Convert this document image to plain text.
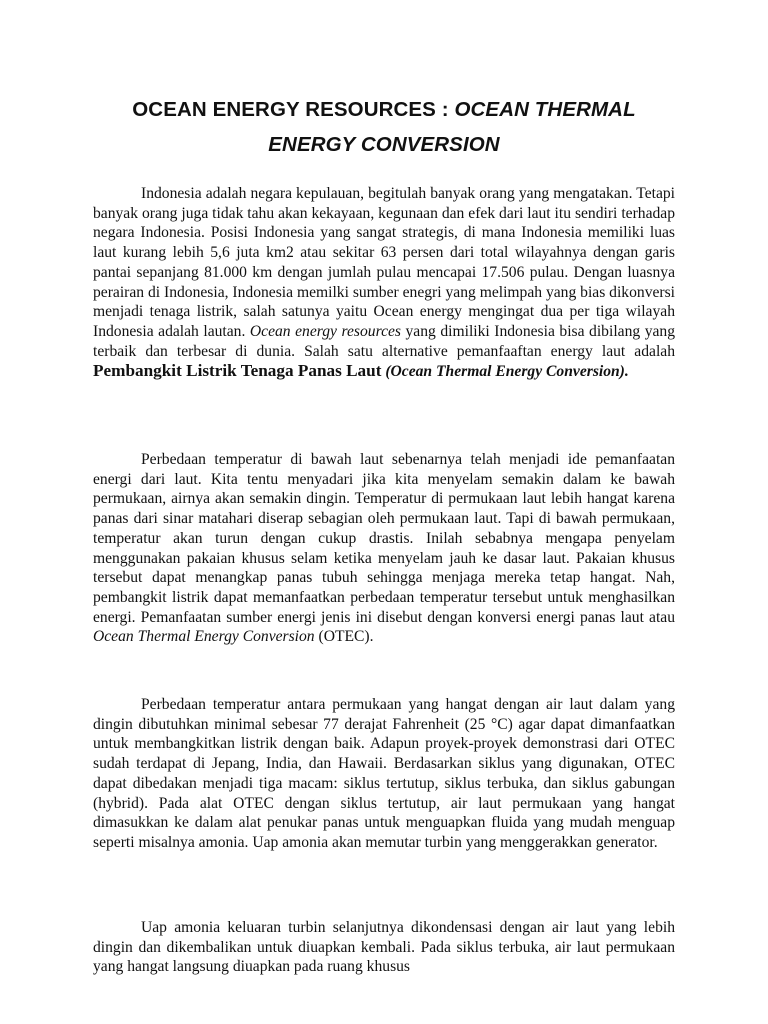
OCEAN ENERGY RESOURCES : OCEAN THERMAL ENERGY CONVERSION

Indonesia adalah negara kepulauan, begitulah banyak orang yang mengatakan. Tetapi banyak orang juga tidak tahu akan kekayaan, kegunaan dan efek dari laut itu sendiri terhadap negara Indonesia. Posisi Indonesia yang sangat strategis, di mana Indonesia memiliki luas laut kurang lebih 5,6 juta km2 atau sekitar 63 persen dari total wilayahnya dengan garis pantai sepanjang 81.000 km dengan jumlah pulau mencapai 17.506 pulau. Dengan luasnya perairan di Indonesia, Indonesia memilki sumber enegri yang melimpah yang bias dikonversi menjadi tenaga listrik, salah satunya yaitu Ocean energy mengingat dua per tiga wilayah Indonesia adalah lautan. Ocean energy resources yang dimiliki Indonesia bisa dibilang yang terbaik dan terbesar di dunia. Salah satu alternative pemanfaaftan energy laut adalah Pembangkit Listrik Tenaga Panas Laut (Ocean Thermal Energy Conversion).

Perbedaan temperatur di bawah laut sebenarnya telah menjadi ide pemanfaatan energi dari laut. Kita tentu menyadari jika kita menyelam semakin dalam ke bawah permukaan, airnya akan semakin dingin. Temperatur di permukaan laut lebih hangat karena panas dari sinar matahari diserap sebagian oleh permukaan laut. Tapi di bawah permukaan, temperatur akan turun dengan cukup drastis. Inilah sebabnya mengapa penyelam menggunakan pakaian khusus selam ketika menyelam jauh ke dasar laut. Pakaian khusus tersebut dapat menangkap panas tubuh sehingga menjaga mereka tetap hangat. Nah, pembangkit listrik dapat memanfaatkan perbedaan temperatur tersebut untuk menghasilkan energi. Pemanfaatan sumber energi jenis ini disebut dengan konversi energi panas laut atau Ocean Thermal Energy Conversion (OTEC).

Perbedaan temperatur antara permukaan yang hangat dengan air laut dalam yang dingin dibutuhkan minimal sebesar 77 derajat Fahrenheit (25 °C) agar dapat dimanfaatkan untuk membangkitkan listrik dengan baik. Adapun proyek-proyek demonstrasi dari OTEC sudah terdapat di Jepang, India, dan Hawaii. Berdasarkan siklus yang digunakan, OTEC dapat dibedakan menjadi tiga macam: siklus tertutup, siklus terbuka, dan siklus gabungan (hybrid). Pada alat OTEC dengan siklus tertutup, air laut permukaan yang hangat dimasukkan ke dalam alat penukar panas untuk menguapkan fluida yang mudah menguap seperti misalnya amonia. Uap amonia akan memutar turbin yang menggerakkan generator.

Uap amonia keluaran turbin selanjutnya dikondensasi dengan air laut yang lebih dingin dan dikembalikan untuk diuapkan kembali. Pada siklus terbuka, air laut permukaan yang hangat langsung diuapkan pada ruang khusus
